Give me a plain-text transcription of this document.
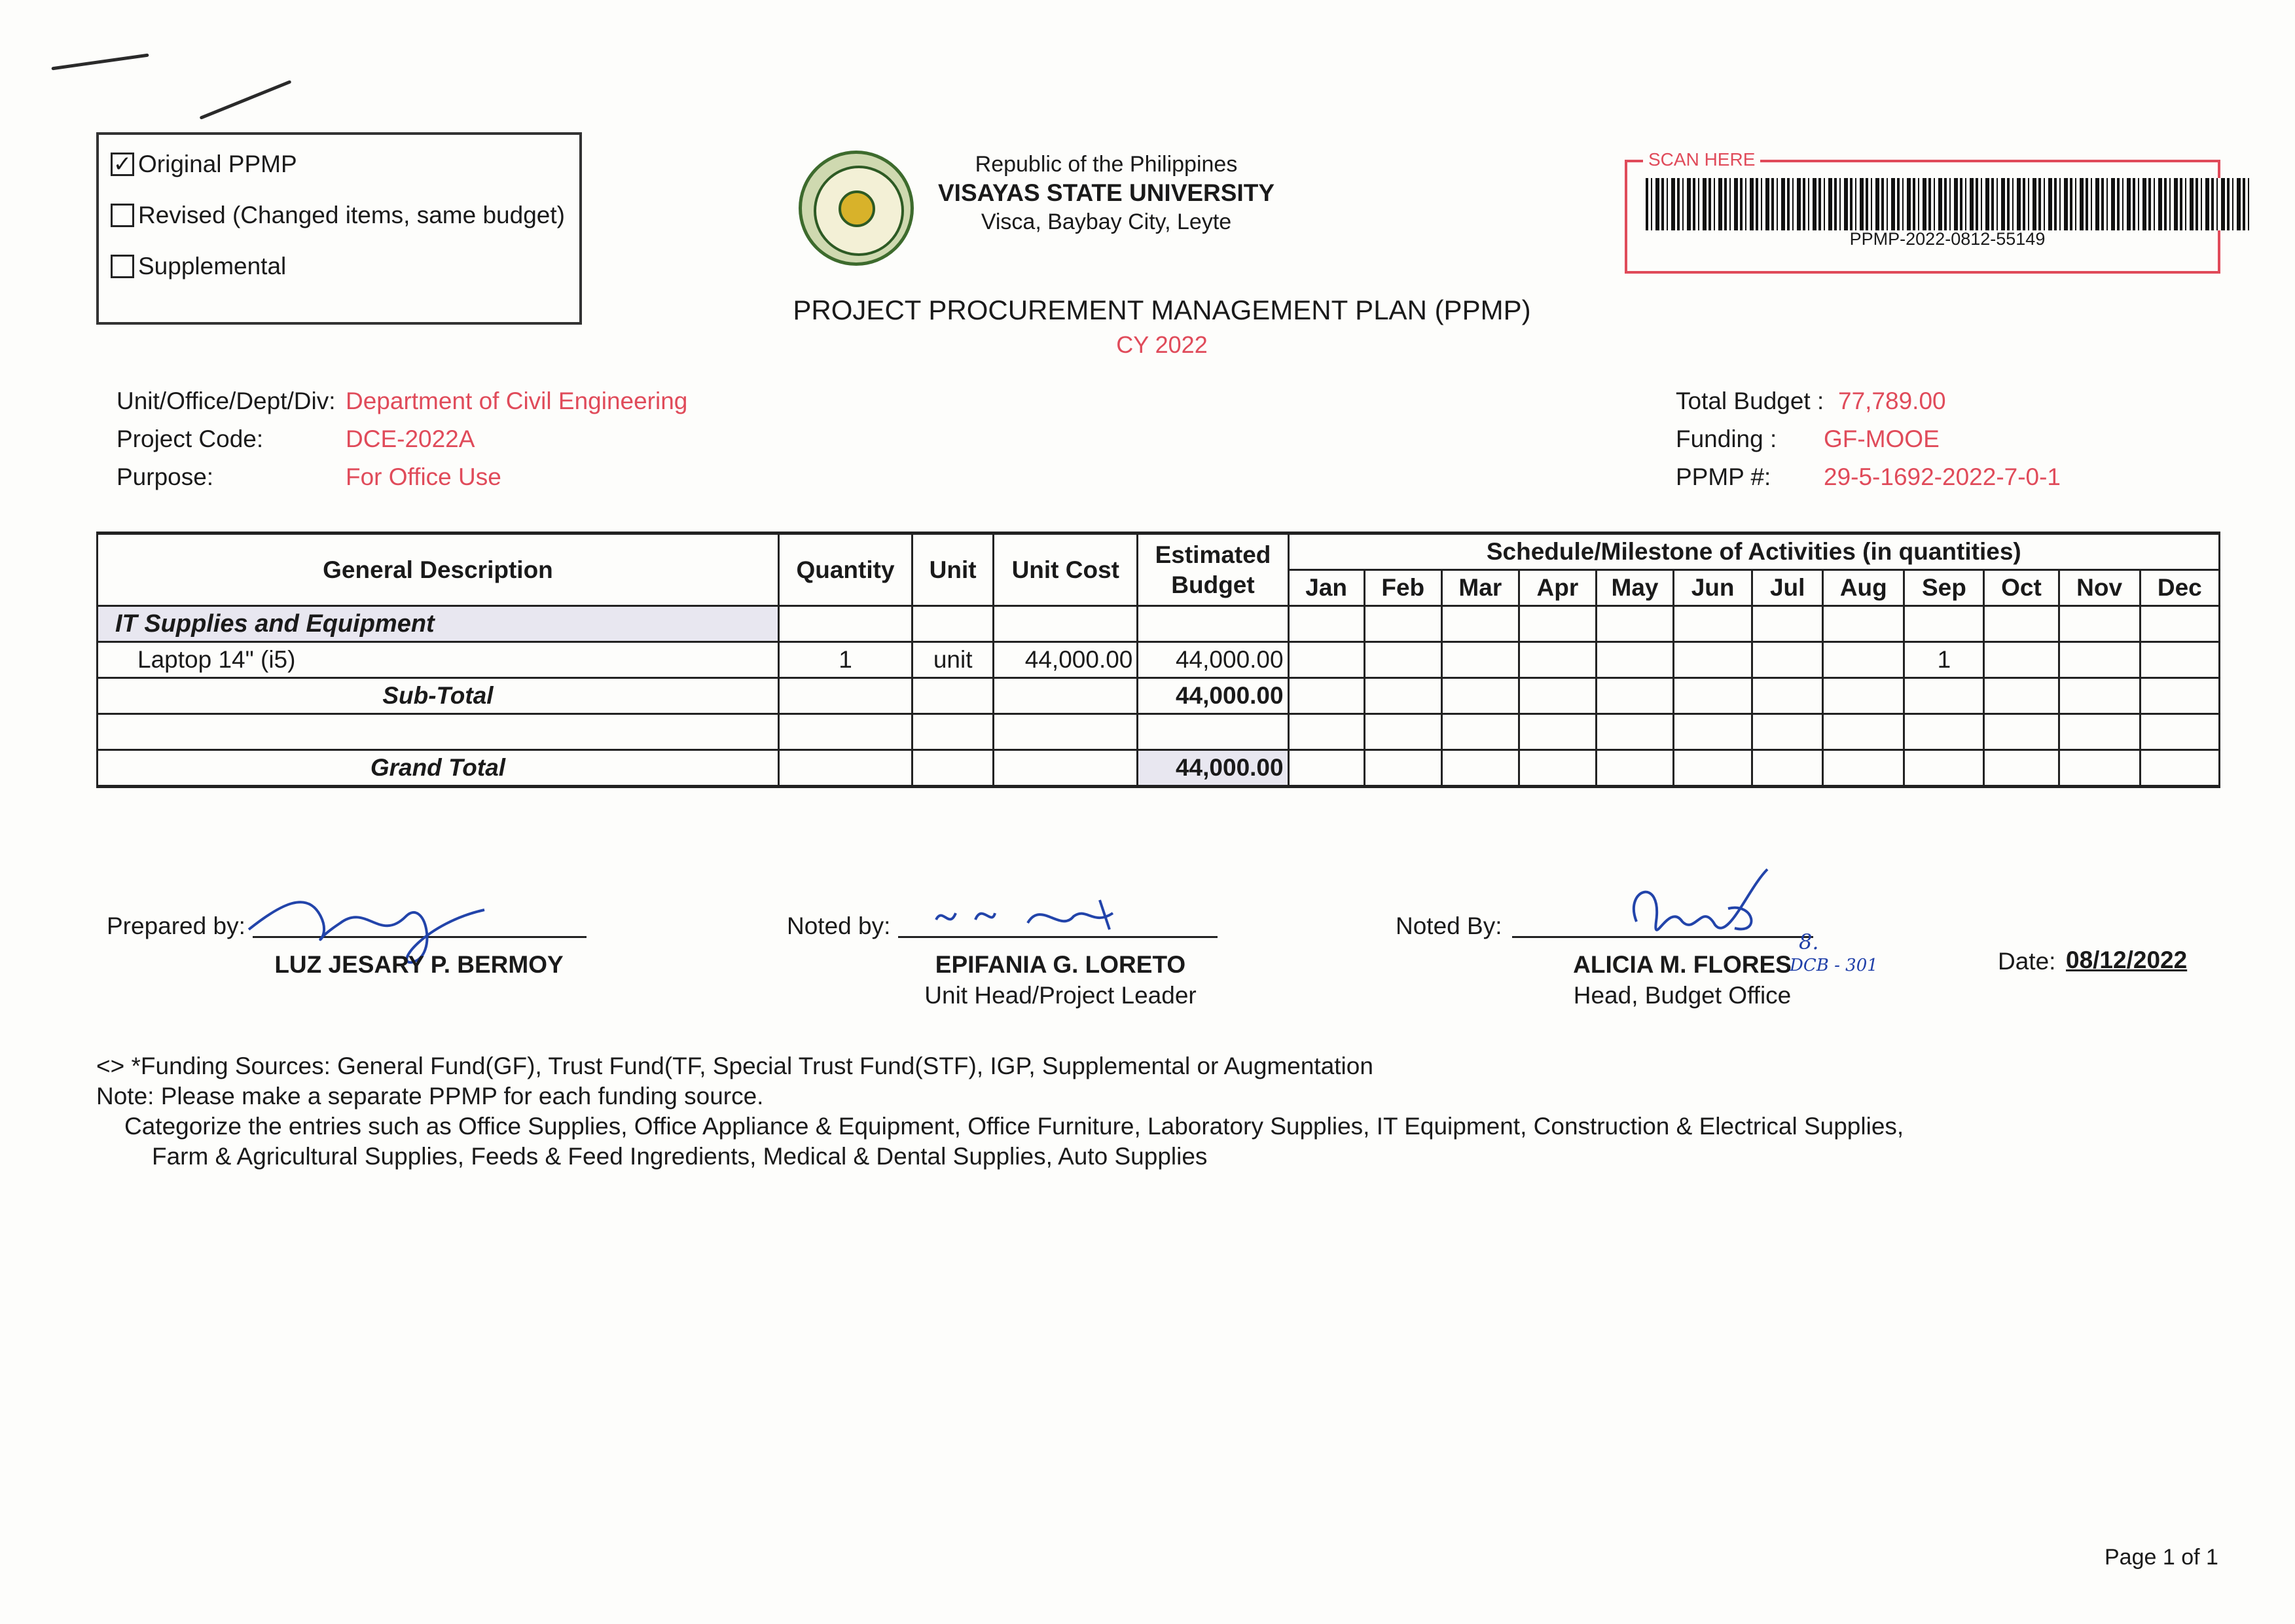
✓ Original PPMP
Revised (Changed items, same budget)
Supplemental
Republic of the Philippines
VISAYAS STATE UNIVERSITY
Visca, Baybay City, Leyte
SCAN HERE
PPMP-2022-0812-55149
PROJECT PROCUREMENT MANAGEMENT PLAN (PPMP)
CY 2022
Unit/Office/Dept/Div: Department of Civil Engineering
Project Code:	DCE-2022A
Purpose:	For Office Use
Total Budget : 77,789.00
Funding : GF-MOOE
PPMP #: 29-5-1692-2022-7-0-1
General Description	Quantity	Unit	Unit Cost	Estimated Budget	Schedule/Milestone of Activities (in quantities)											
					Jan	Feb	Mar	Apr	May	Jun	Jul	Aug	Sep	Oct	Nov	Dec
IT Supplies and Equipment																
Laptop 14" (i5)	1	unit	44,000.00	44,000.00									1			
Sub-Total				44,000.00												

Grand Total				44,000.00												
Prepared by:
LUZ JESARY P. BERMOY
Noted by:
EPIFANIA G. LORETO
Unit Head/Project Leader
Noted By:
ALICIA M. FLORES
Head, Budget Office
8.
DCB - 301	Date: 08/12/2022
<> *Funding Sources: General Fund(GF), Trust Fund(TF, Special Trust Fund(STF), IGP, Supplemental or Augmentation
Note: Please make a separate PPMP for each funding source.
Categorize the entries such as Office Supplies, Office Appliance & Equipment, Office Furniture, Laboratory Supplies, IT Equipment, Construction & Electrical Supplies,
Farm & Agricultural Supplies, Feeds & Feed Ingredients, Medical & Dental Supplies, Auto Supplies
Page 1 of 1
